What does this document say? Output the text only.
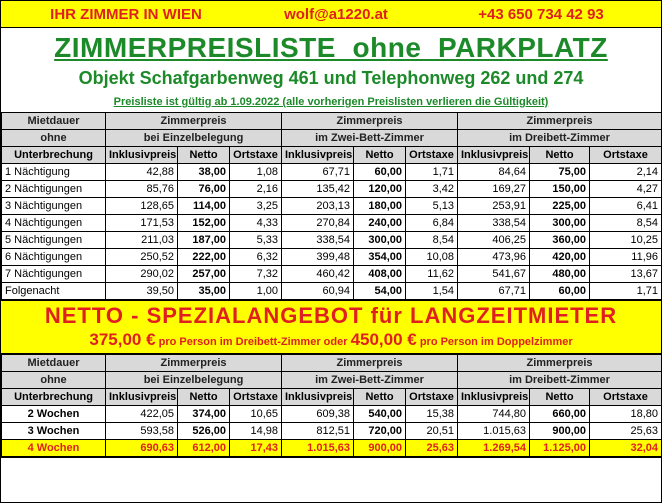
IHR ZIMMER IN WIEN	wolf@a1220.at	+43 650 734 42 93
ZIMMERPREISLISTE  ohne  PARKPLATZ
Objekt Schafgarbenweg 461 und Telephonweg 262 und 274
Preisliste ist gültig ab 1.09.2022 (alle vorherigen Preislisten verlieren die Gültigkeit)
Mietdauer	Zimmerpreis			Zimmerpreis			Zimmerpreis		
ohne	bei Einzelbelegung			im Zwei-Bett-Zimmer			im Dreibett-Zimmer		
Unterbrechung	Inklusivpreis	Netto	Ortstaxe	Inklusivpreis	Netto	Ortstaxe	Inklusivpreis	Netto	Ortstaxe
1 Nächtigung	42,88	38,00	1,08	67,71	60,00	1,71	84,64	75,00	2,14
2 Nächtigungen	85,76	76,00	2,16	135,42	120,00	3,42	169,27	150,00	4,27
3 Nächtigungen	128,65	114,00	3,25	203,13	180,00	5,13	253,91	225,00	6,41
4 Nächtigungen	171,53	152,00	4,33	270,84	240,00	6,84	338,54	300,00	8,54
5 Nächtigungen	211,03	187,00	5,33	338,54	300,00	8,54	406,25	360,00	10,25
6 Nächtigungen	250,52	222,00	6,32	399,48	354,00	10,08	473,96	420,00	11,96
7 Nächtigungen	290,02	257,00	7,32	460,42	408,00	11,62	541,67	480,00	13,67
Folgenacht	39,50	35,00	1,00	60,94	54,00	1,54	67,71	60,00	1,71
NETTO - SPEZIALANGEBOT für LANGZEITMIETER
375,00 € pro Person im Dreibett-Zimmer oder 450,00 € pro Person im Doppelzimmer
Mietdauer	Zimmerpreis			Zimmerpreis			Zimmerpreis		
ohne	bei Einzelbelegung			im Zwei-Bett-Zimmer			im Dreibett-Zimmer		
Unterbrechung	Inklusivpreis	Netto	Ortstaxe	Inklusivpreis	Netto	Ortstaxe	Inklusivpreis	Netto	Ortstaxe
2 Wochen	422,05	374,00	10,65	609,38	540,00	15,38	744,80	660,00	18,80
3 Wochen	593,58	526,00	14,98	812,51	720,00	20,51	1.015,63	900,00	25,63
4 Wochen	690,63	612,00	17,43	1.015,63	900,00	25,63	1.269,54	1.125,00	32,04
